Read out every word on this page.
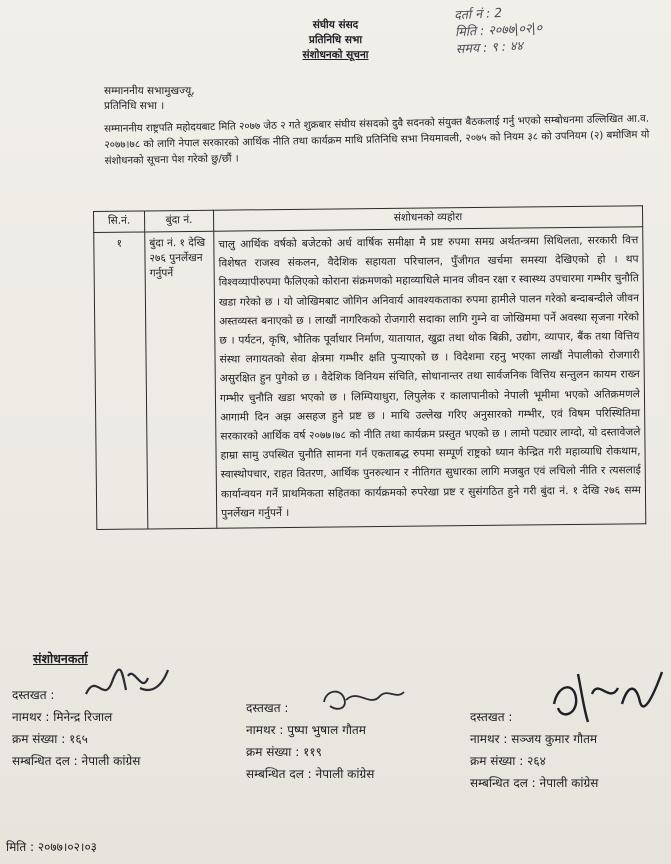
दर्ता नं : 2
मिति : २०७७|०२|०
समय : ९ : ४४
संघीय संसद
प्रतिनिधि सभा
संशोधनको सूचना
सम्माननीय सभामुखज्यू,
प्रतिनिधि सभा ।
सम्माननीय राष्ट्रपति महोदयबाट मिति २०७७ जेठ २ गते शुक्रबार संघीय संसदको दुवै सदनको संयुक्त बैठकलाई गर्नु भएको सम्बोधनमा उल्लिखित आ.व. २०७७।७८ को लागि नेपाल सरकारको आर्थिक नीति तथा कार्यक्रम माथि प्रतिनिधि सभा नियमावली, २०७५ को नियम ३८ को उपनियम (२) बमोजिम यो संशोधनको सूचना पेश गरेको छु/छौं ।
सि.नं.	बुंदा नं.	संशोधनको व्यहोरा
१	बुंदा नं. १ देखि २७६ पुनर्लेखन गर्नुपर्ने	चालु आर्थिक वर्षको बजेटको अर्ध वार्षिक समीक्षा मै प्रष्ट रुपमा समग्र अर्थतन्त्रमा सिथिलता, सरकारी वित्त विशेषत राजस्व संकलन, वैदेशिक सहायता परिचालन, पुँजीगत खर्चमा समस्या देखिएको हो । थप विश्वव्यापीरुपमा फैलिएको कोराना संक्रमणको महाव्याधिले मानव जीवन रक्षा र स्वास्थ्य उपचारमा गम्भीर चुनौति खडा गरेको छ । यो जोखिमबाट जोगिन अनिवार्य आवश्यकताका रुपमा हामीले पालन गरेको बन्दाबन्दीले जीवन अस्तव्यस्त बनाएको छ । लाखौं नागरिकको रोजगारी सदाका लागि गुम्ने वा जोखिममा पर्ने अवस्था सृजना गरेको छ । पर्यटन, कृषि, भौतिक पूर्वाधार निर्माण, यातायात, खुद्रा तथा थोक बिक्री, उद्योग, व्यापार, बैंक तथा वित्तिय संस्था लगायतको सेवा क्षेत्रमा गम्भीर क्षति पुऱ्याएको छ । विदेशमा रहनु भएका लाखौं नेपालीको रोजगारी असुरक्षित हुन पुगेको छ । वैदेशिक विनियम संचिति, सोधानान्तर तथा सार्वजनिक वित्तिय सन्तुलन कायम राख्न गम्भीर चुनौति खडा भएको छ । लिम्पियाधुरा, लिपुलेक र कालापानीको नेपाली भूमीमा भएको अतिक्रमणले आगामी दिन अझ असहज हुने प्रष्ट छ । माथि उल्लेख गरिए अनुसारको गम्भीर, एवं विषम परिस्थितिमा सरकारको आर्थिक वर्ष २०७७।७८ को नीति तथा कार्यक्रम प्रस्तुत भएको छ । लामो पट्यार लाग्दो, यो दस्तावेजले हाम्रा सामु उपस्थित चुनौति सामना गर्न एकताबद्ध रुपमा सम्पूर्ण राष्ट्रको ध्यान केन्द्रित गरी महाव्याधि रोकथाम, स्वास्थोपचार, राहत वितरण, आर्थिक पुनरुत्थान र नीतिगत सुधारका लागि मजबुत एवं लचिलो नीति र त्यसलाई कार्यान्वयन गर्ने प्राथमिकता सहितका कार्यक्रमको रुपरेखा प्रष्ट र सुसंगठित हुने गरी बुंदा नं. १ देखि २७६ सम्म पुनर्लेखन गर्नुपर्ने ।
संशोधनकर्ता
दस्तखत :
नामथर : मिनेन्द्र रिजाल
क्रम संख्या : १६५
सम्बन्धित दल : नेपाली कांग्रेस
दस्तखत :
नामथर : पुष्पा भुषाल गौतम
क्रम संख्या : ११९
सम्बन्धित दल : नेपाली कांग्रेस
दस्तखत :
नामथर : सञ्जय कुमार गौतम
क्रम संख्या : २६४
सम्बन्धित दल : नेपाली कांग्रेस
मिति : २०७७।०२।०३
